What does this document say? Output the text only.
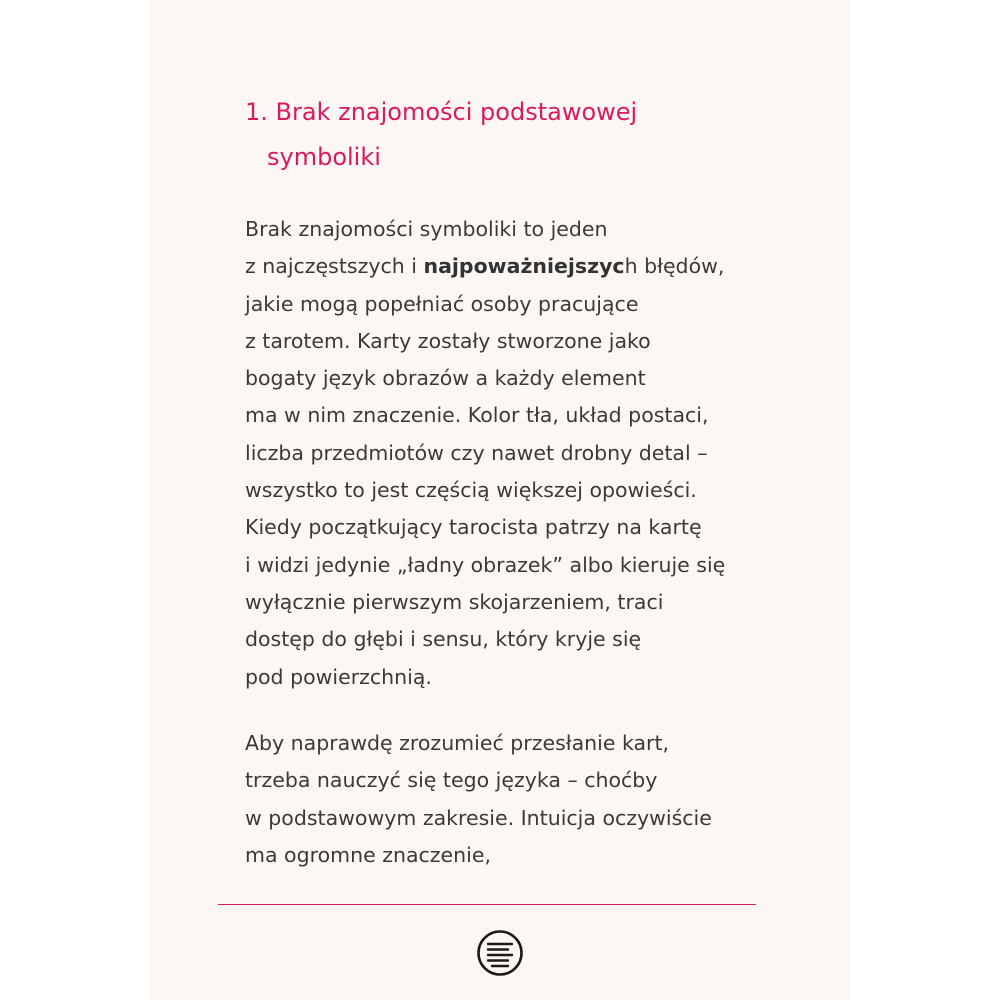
1. Brak znajomości podstawowej
symboliki
Brak znajomości symboliki to jeden
z najczęstszych i najpoważniejszych błędów,
jakie mogą popełniać osoby pracujące
z tarotem. Karty zostały stworzone jako
bogaty język obrazów a każdy element
ma w nim znaczenie. Kolor tła, układ postaci,
liczba przedmiotów czy nawet drobny detal –
wszystko to jest częścią większej opowieści.
Kiedy początkujący tarocista patrzy na kartę
i widzi jedynie „ładny obrazek” albo kieruje się
wyłącznie pierwszym skojarzeniem, traci
dostęp do głębi i sensu, który kryje się
pod powierzchnią.
Aby naprawdę zrozumieć przesłanie kart,
trzeba nauczyć się tego języka – choćby
w podstawowym zakresie. Intuicja oczywiście
ma ogromne znaczenie,
